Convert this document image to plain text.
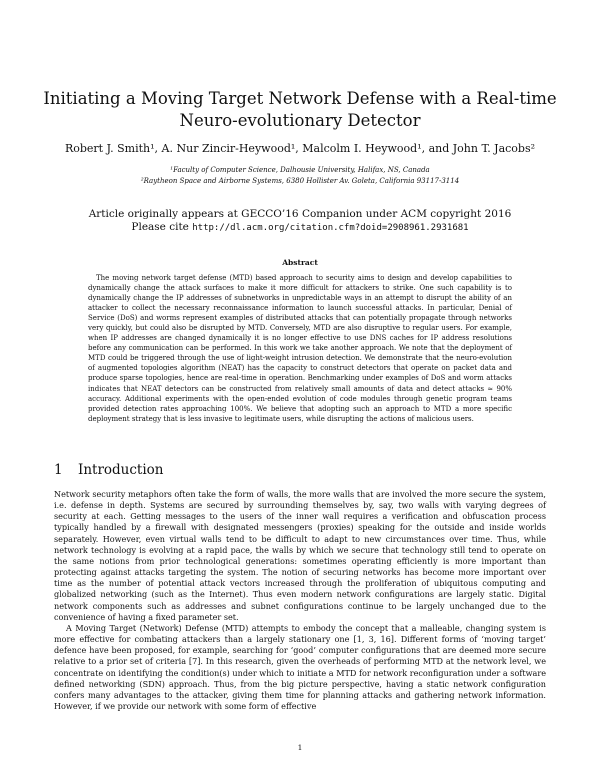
Initiating a Moving Target Network Defense with a Real-time
Neuro-evolutionary Detector
Robert J. Smith¹, A. Nur Zincir-Heywood¹, Malcolm I. Heywood¹, and John T. Jacobs²
¹Faculty of Computer Science, Dalhousie University, Halifax, NS, Canada
²Raytheon Space and Airborne Systems, 6380 Hollister Av. Goleta, California 93117-3114
Article originally appears at GECCO’16 Companion under ACM copyright 2016
Please cite http://dl.acm.org/citation.cfm?doid=2908961.2931681
Abstract

The moving network target defense (MTD) based approach to security aims to design and develop capabilities to dynamically change the attack surfaces to make it more difficult for attackers to strike. One such capability is to dynamically change the IP addresses of subnetworks in unpredictable ways in an attempt to disrupt the ability of an attacker to collect the necessary reconnaissance information to launch successful attacks. In particular, Denial of Service (DoS) and worms represent examples of distributed attacks that can potentially propagate through networks very quickly, but could also be disrupted by MTD. Conversely, MTD are also disruptive to regular users. For example, when IP addresses are changed dynamically it is no longer effective to use DNS caches for IP address resolutions before any communication can be performed. In this work we take another approach. We note that the deployment of MTD could be triggered through the use of light-weight intrusion detection. We demonstrate that the neuro-evolution of augmented topologies algorithm (NEAT) has the capacity to construct detectors that operate on packet data and produce sparse topologies, hence are real-time in operation. Benchmarking under examples of DoS and worm attacks indicates that NEAT detectors can be constructed from relatively small amounts of data and detect attacks ≈ 90% accuracy. Additional experiments with the open-ended evolution of code modules through genetic program teams provided detection rates approaching 100%. We believe that adopting such an approach to MTD a more specific deployment strategy that is less invasive to legitimate users, while disrupting the actions of malicious users.

1 Introduction

Network security metaphors often take the form of walls, the more walls that are involved the more secure the system, i.e. defense in depth. Systems are secured by surrounding themselves by, say, two walls with varying degrees of security at each. Getting messages to the users of the inner wall requires a verification and obfuscation process typically handled by a firewall with designated messengers (proxies) speaking for the outside and inside worlds separately. However, even virtual walls tend to be difficult to adapt to new circumstances over time. Thus, while network technology is evolving at a rapid pace, the walls by which we secure that technology still tend to operate on the same notions from prior technological generations: sometimes operating efficiently is more important than protecting against attacks targeting the system. The notion of securing networks has become more important over time as the number of potential attack vectors increased through the proliferation of ubiquitous computing and globalized networking (such as the Internet). Thus even modern network configurations are largely static. Digital network components such as addresses and subnet configurations continue to be largely unchanged due to the convenience of having a fixed parameter set.

A Moving Target (Network) Defense (MTD) attempts to embody the concept that a malleable, changing system is more effective for combating attackers than a largely stationary one [1, 3, 16]. Different forms of ‘moving target’ defence have been proposed, for example, searching for ‘good’ computer configurations that are deemed more secure relative to a prior set of criteria [7]. In this research, given the overheads of performing MTD at the network level, we concentrate on identifying the condition(s) under which to initiate a MTD for network reconfiguration under a software defined networking (SDN) approach. Thus, from the big picture perspective, having a static network configuration confers many advantages to the attacker, giving them time for planning attacks and gathering network information. However, if we provide our network with some form of effective

1
